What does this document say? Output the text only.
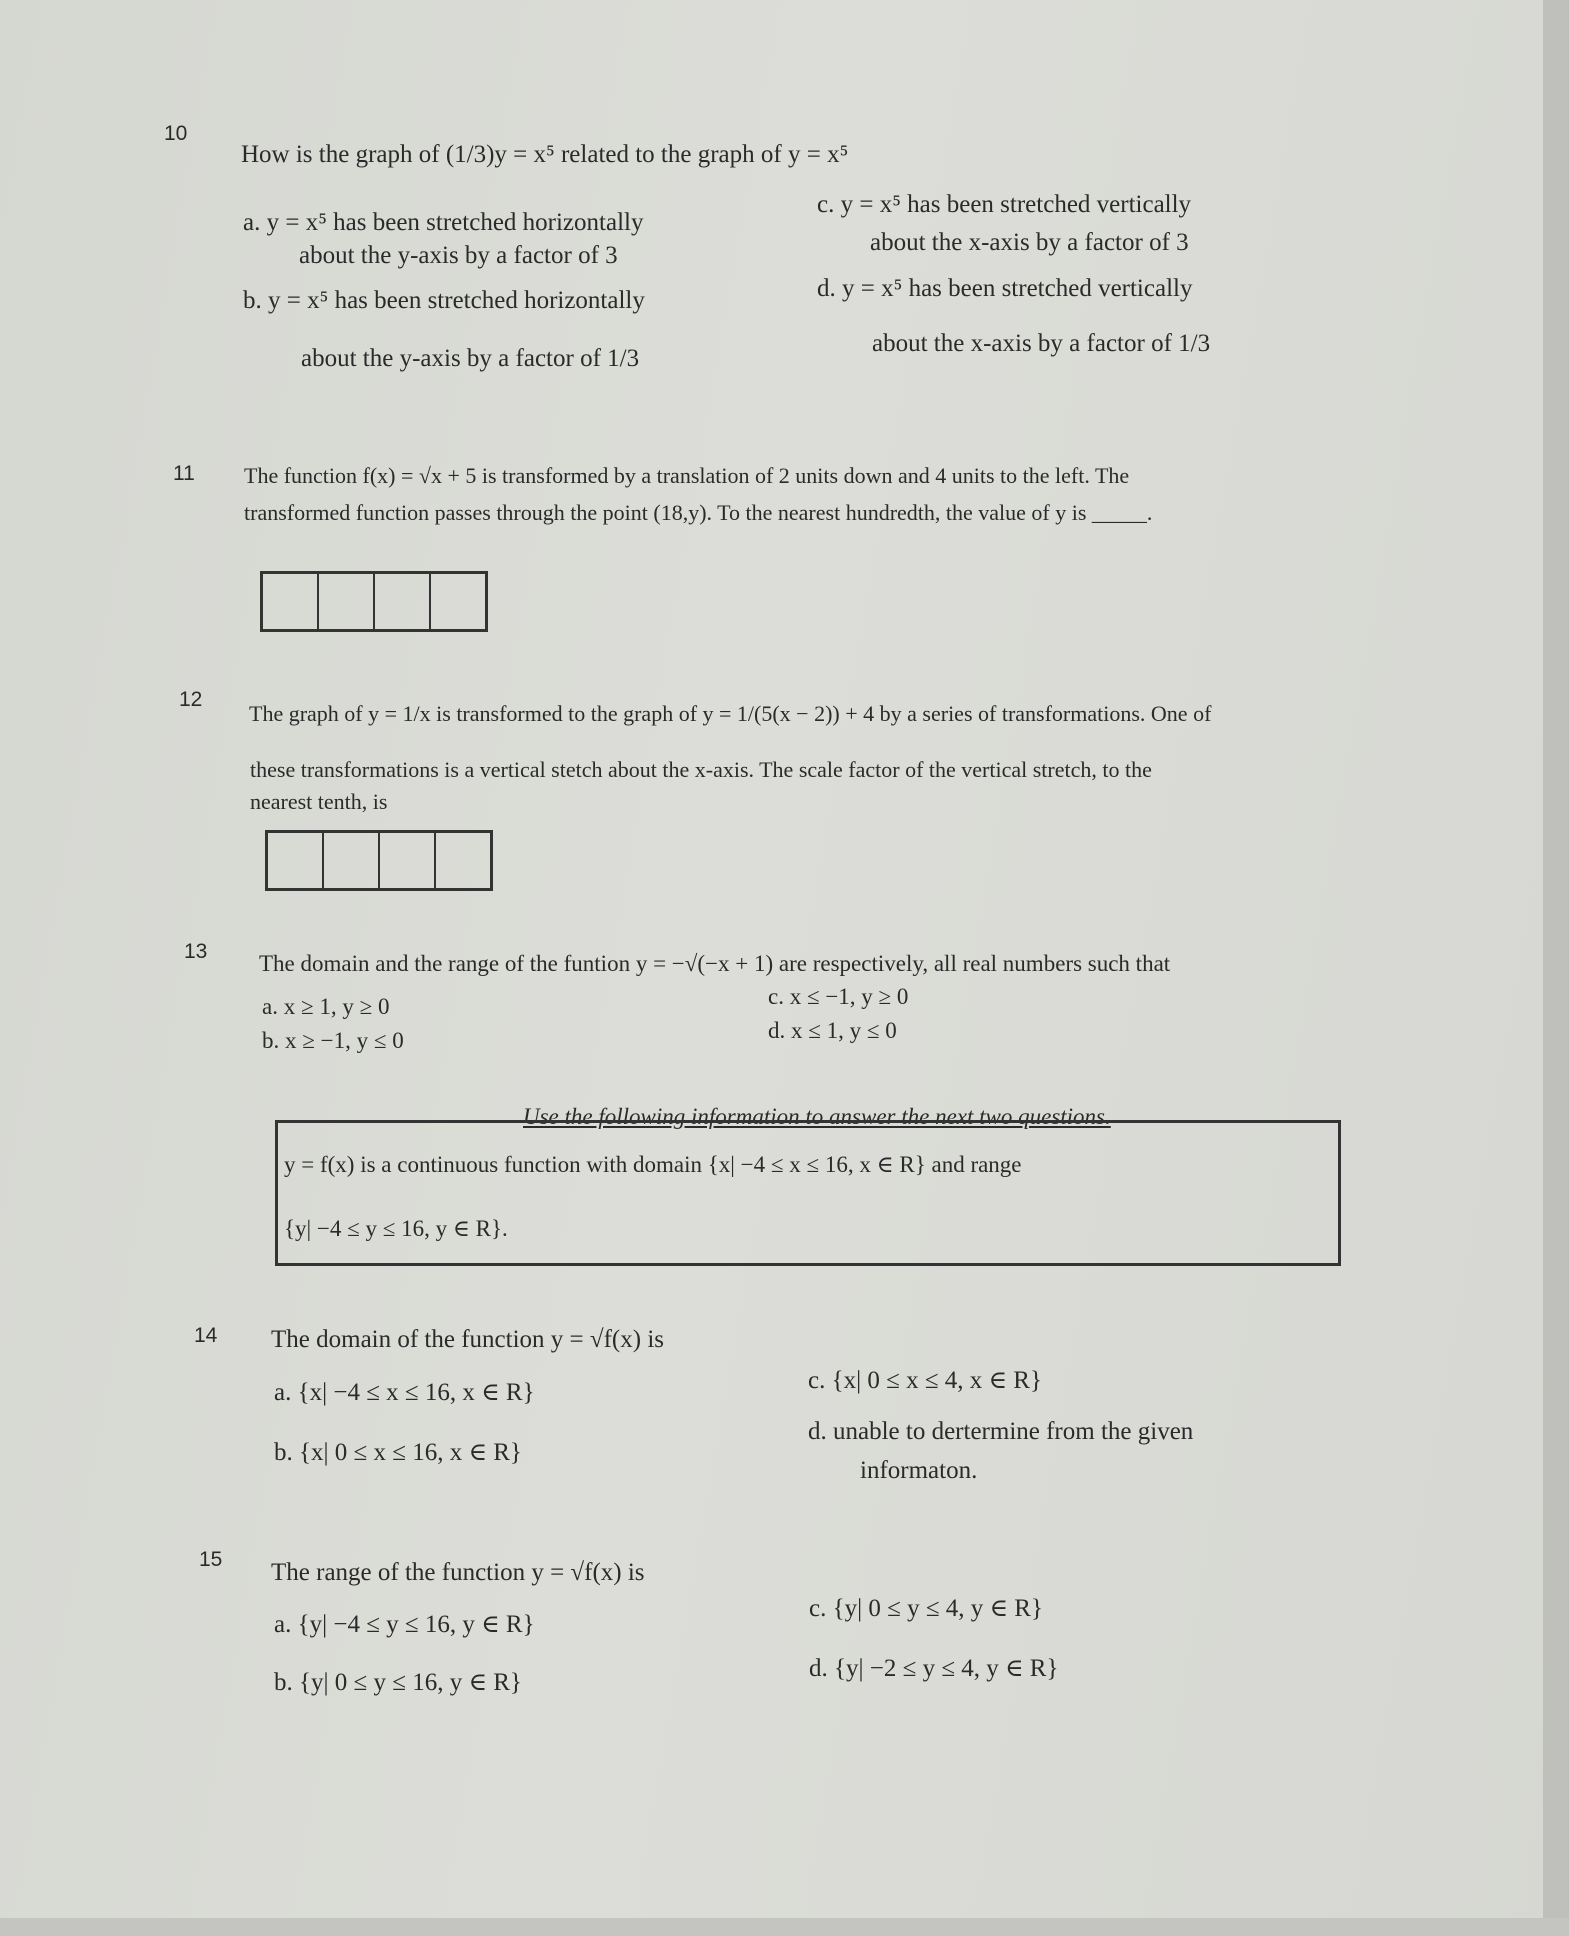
10
How is the graph of (1/3)y = x⁵ related to the graph of y = x⁵
a. y = x⁵ has been stretched horizontally
about the y-axis by a factor of 3
b. y = x⁵ has been stretched horizontally
about the y-axis by a factor of 1/3
c. y = x⁵ has been stretched vertically
about the x-axis by a factor of 3
d. y = x⁵ has been stretched vertically
about the x-axis by a factor of 1/3
11 The function f(x) = √x + 5 is transformed by a translation of 2 units down and 4 units to the left. The
transformed function passes through the point (18,y). To the nearest hundredth, the value of y is _____.
12
The graph of y = 1/x is transformed to the graph of y = 1/(5(x − 2)) + 4 by a series of transformations. One of
these transformations is a vertical stetch about the x-axis. The scale factor of the vertical stretch, to the
nearest tenth, is
13 The domain and the range of the funtion y = −√(−x + 1) are respectively, all real numbers such that
a. x ≥ 1, y ≥ 0
b. x ≥ −1, y ≤ 0
c. x ≤ −1, y ≥ 0
d. x ≤ 1, y ≤ 0
Use the following information to answer the next two questions.
y = f(x) is a continuous function with domain {x| −4 ≤ x ≤ 16, x ∈ R} and range
{y| −4 ≤ y ≤ 16, y ∈ R}.
14 The domain of the function y = √f(x) is
a. {x| −4 ≤ x ≤ 16, x ∈ R}
b. {x| 0 ≤ x ≤ 16, x ∈ R}
c. {x| 0 ≤ x ≤ 4, x ∈ R}
d. unable to dertermine from the given
informaton.
15 The range of the function y = √f(x) is
a. {y| −4 ≤ y ≤ 16, y ∈ R}
b. {y| 0 ≤ y ≤ 16, y ∈ R}
c. {y| 0 ≤ y ≤ 4, y ∈ R}
d. {y| −2 ≤ y ≤ 4, y ∈ R}
